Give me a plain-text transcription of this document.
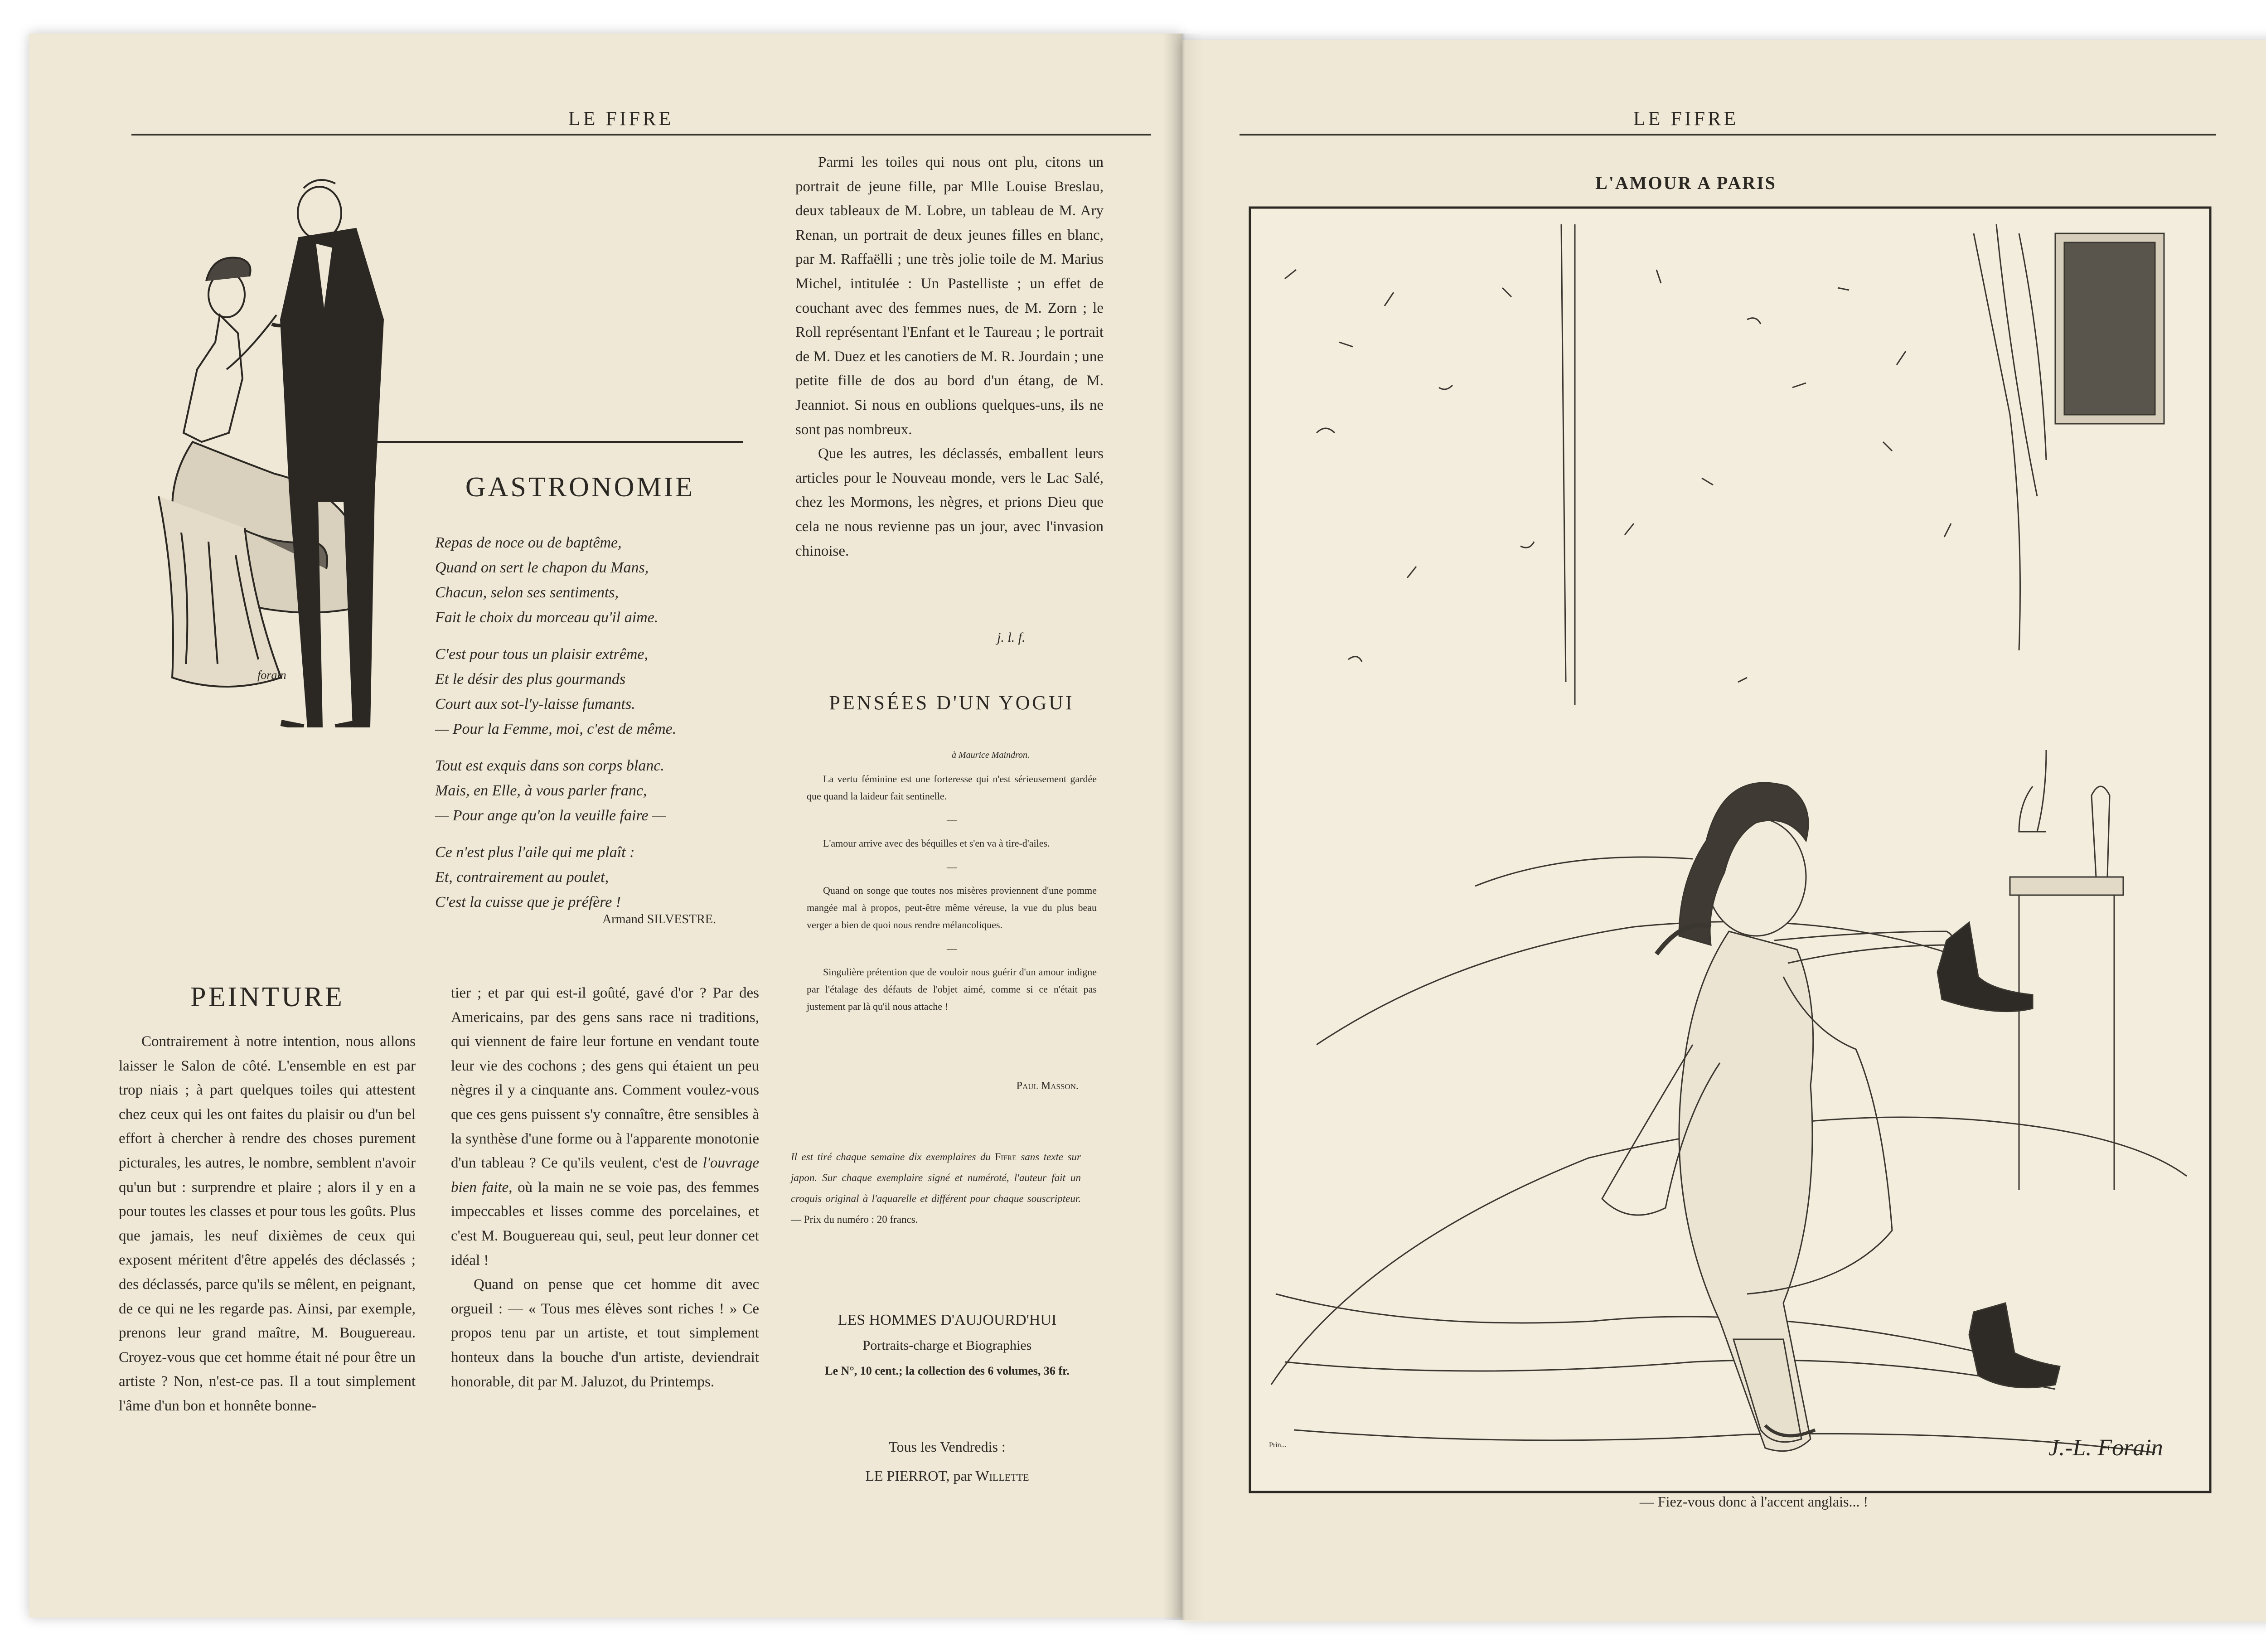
LE FIFRE
forain
GASTRONOMIE
Repas de noce ou de baptême,
Quand on sert le chapon du Mans,
Chacun, selon ses sentiments,
Fait le choix du morceau qu'il aime.
C'est pour tous un plaisir extrême,
Et le désir des plus gourmands
Court aux sot-l'y-laisse fumants.
— Pour la Femme, moi, c'est de même.
Tout est exquis dans son corps blanc.
Mais, en Elle, à vous parler franc,
— Pour ange qu'on la veuille faire —
Ce n'est plus l'aile qui me plaît :
Et, contrairement au poulet,
C'est la cuisse que je préfère !
Armand SILVESTRE.
PEINTURE

Contrairement à notre intention, nous allons laisser le Salon de côté. L'ensemble en est par trop niais ; à part quelques toiles qui attestent chez ceux qui les ont faites du plaisir ou d'un bel effort à chercher à rendre des choses purement picturales, les autres, le nombre, semblent n'avoir qu'un but : surprendre et plaire ; alors il y en a pour toutes les classes et pour tous les goûts. Plus que jamais, les neuf dixièmes de ceux qui exposent méritent d'être appelés des déclassés ; des déclassés, parce qu'ils se mêlent, en peignant, de ce qui ne les regarde pas. Ainsi, par exemple, prenons leur grand maître, M. Bouguereau. Croyez-vous que cet homme était né pour être un artiste ? Non, n'est-ce pas. Il a tout simplement l'âme d'un bon et honnête bonne-

tier ; et par qui est-il goûté, gavé d'or ? Par des Americains, par des gens sans race ni traditions, qui viennent de faire leur fortune en vendant toute leur vie des cochons ; des gens qui étaient un peu nègres il y a cinquante ans. Comment voulez-vous que ces gens puissent s'y connaître, être sensibles à la synthèse d'une forme ou à l'apparente monotonie d'un tableau ? Ce qu'ils veulent, c'est de l'ouvrage bien faite, où la main ne se voie pas, des femmes impeccables et lisses comme des porcelaines, et c'est M. Bouguereau qui, seul, peut leur donner cet idéal !

Quand on pense que cet homme dit avec orgueil : — « Tous mes élèves sont riches ! » Ce propos tenu par un artiste, et tout simplement honteux dans la bouche d'un artiste, deviendrait honorable, dit par M. Jaluzot, du Printemps.

Parmi les toiles qui nous ont plu, citons un portrait de jeune fille, par Mlle Louise Breslau, deux tableaux de M. Lobre, un tableau de M. Ary Renan, un portrait de deux jeunes filles en blanc, par M. Raffaëlli ; une très jolie toile de M. Marius Michel, intitulée : Un Pastelliste ; un effet de couchant avec des femmes nues, de M. Zorn ; le Roll représentant l'Enfant et le Taureau ; le portrait de M. Duez et les canotiers de M. R. Jourdain ; une petite fille de dos au bord d'un étang, de M. Jeanniot. Si nous en oublions quelques-uns, ils ne sont pas nombreux.

Que les autres, les déclassés, emballent leurs articles pour le Nouveau monde, vers le Lac Salé, chez les Mormons, les nègres, et prions Dieu que cela ne nous revienne pas un jour, avec l'invasion chinoise.

j. l. f.
PENSÉES D'UN YOGUI
à Maurice Maindron.

La vertu féminine est une forteresse qui n'est sérieusement gardée que quand la laideur fait sentinelle.

—

L'amour arrive avec des béquilles et s'en va à tire-d'ailes.

—

Quand on songe que toutes nos misères proviennent d'une pomme mangée mal à propos, peut-être même véreuse, la vue du plus beau verger a bien de quoi nous rendre mélancoliques.

—

Singulière prétention que de vouloir nous guérir d'un amour indigne par l'étalage des défauts de l'objet aimé, comme si ce n'était pas justement par là qu'il nous attache !

Paul Masson.
Il est tiré chaque semaine dix exemplaires du Fifre sans texte sur japon. Sur chaque exemplaire signé et numéroté, l'auteur fait un croquis original à l'aquarelle et différent pour chaque souscripteur. — Prix du numéro : 20 francs.
LES HOMMES D'AUJOURD'HUI
Portraits-charge et Biographies
Le N°, 10 cent.; la collection des 6 volumes, 36 fr.
Tous les Vendredis :
LE PIERROT, par Willette
LE FIFRE
L'AMOUR A PARIS
J.-L. Forain
Prin...
— Fiez-vous donc à l'accent anglais... !
